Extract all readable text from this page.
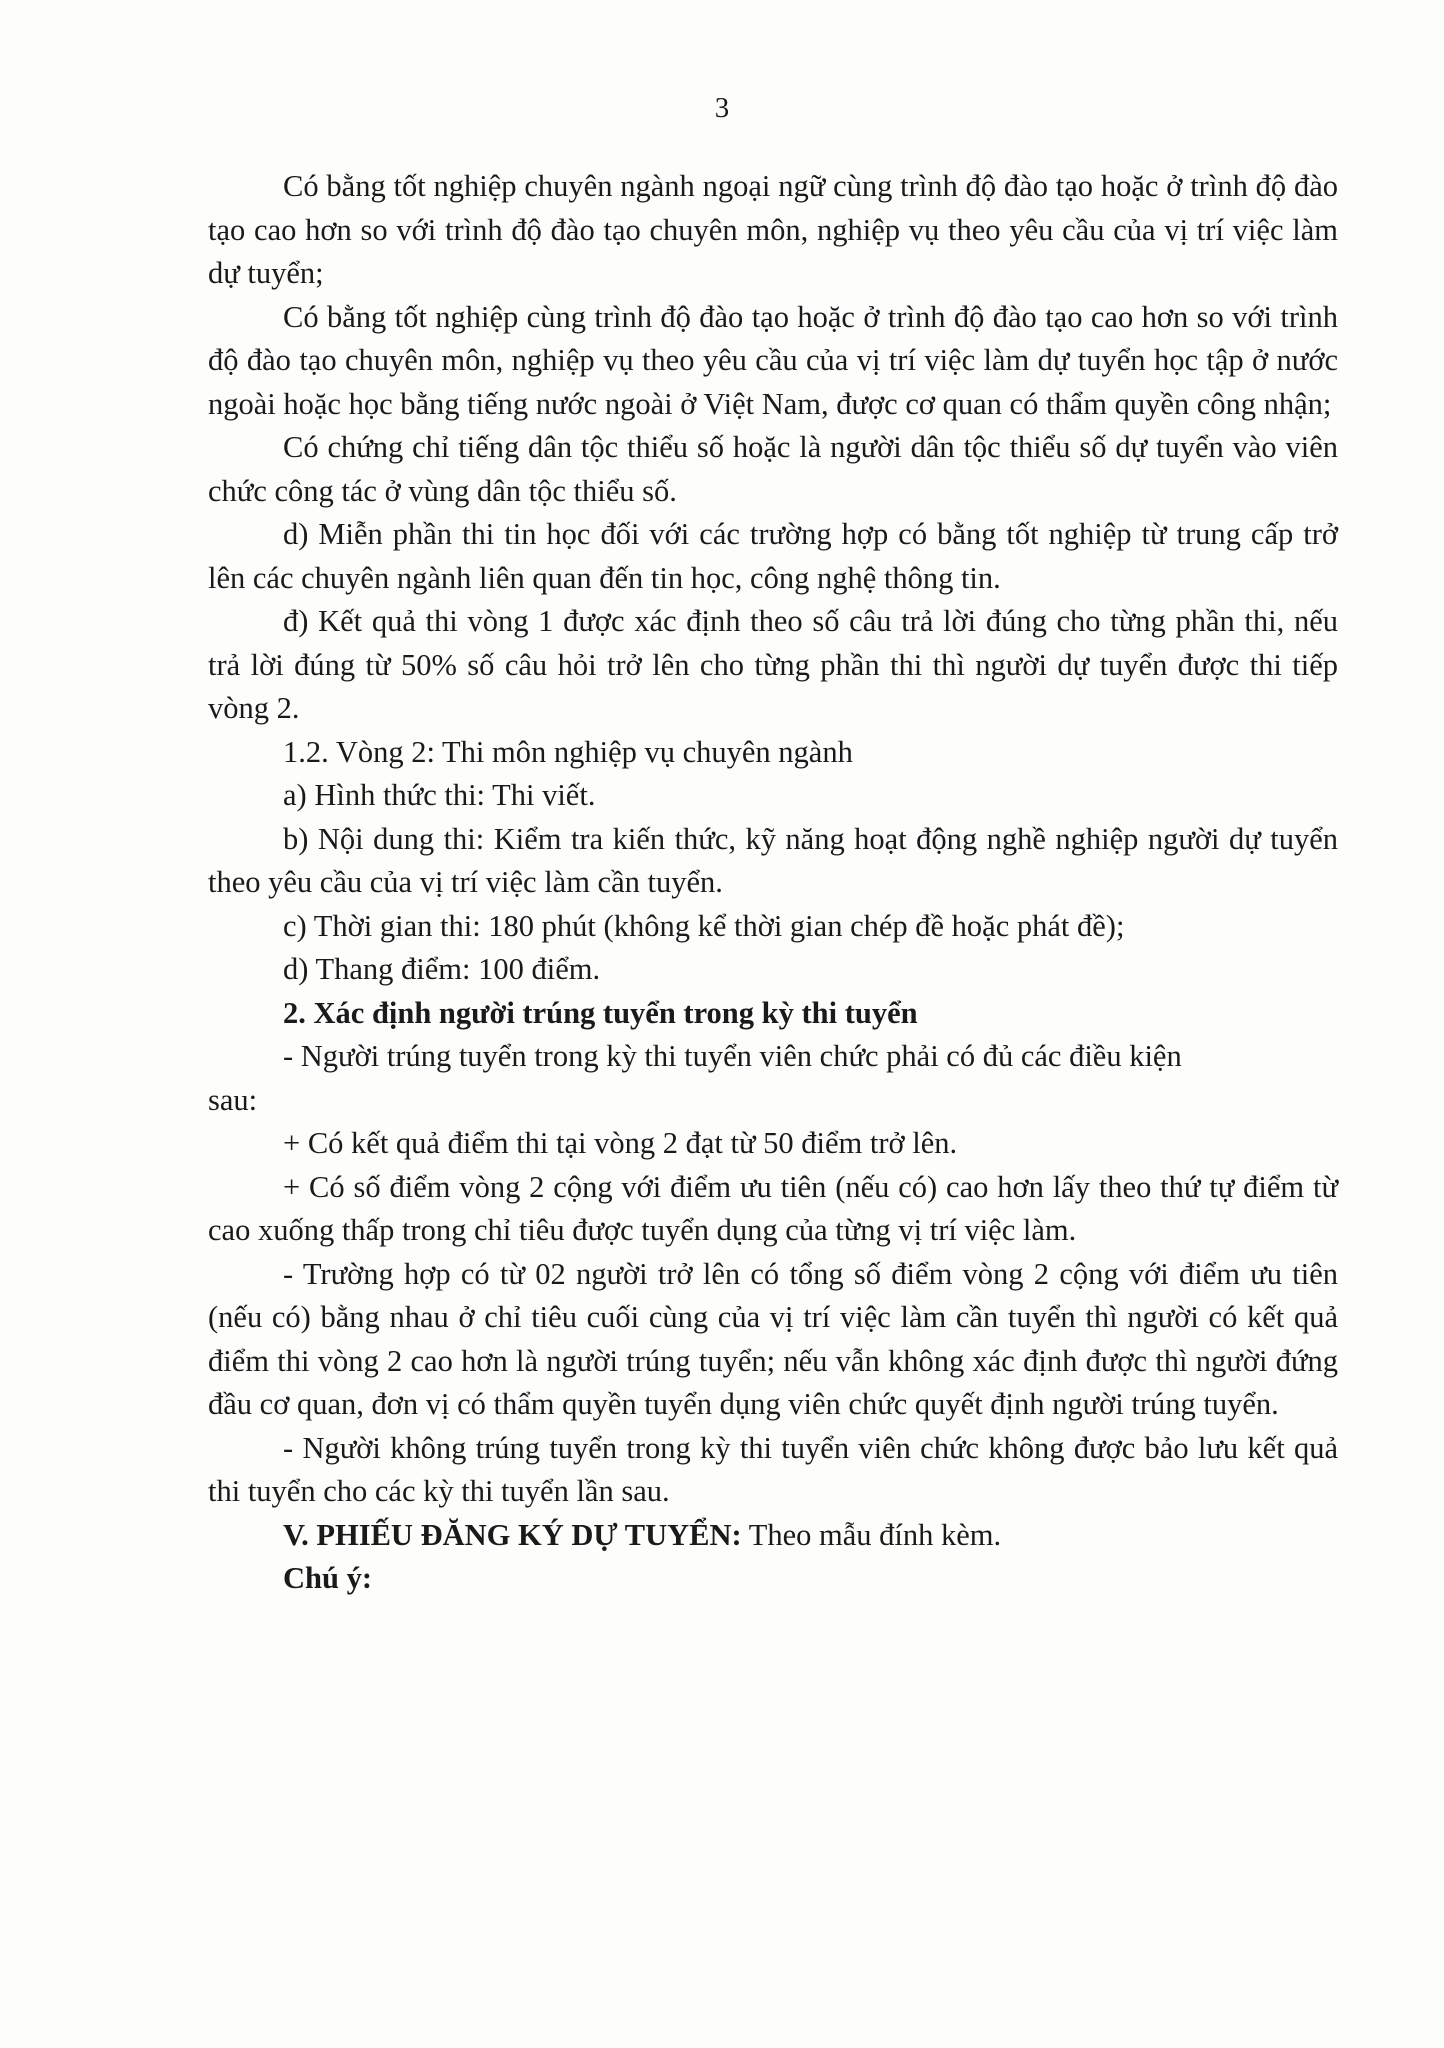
3

Có bằng tốt nghiệp chuyên ngành ngoại ngữ cùng trình độ đào tạo hoặc ở trình độ đào tạo cao hơn so với trình độ đào tạo chuyên môn, nghiệp vụ theo yêu cầu của vị trí việc làm dự tuyển;

Có bằng tốt nghiệp cùng trình độ đào tạo hoặc ở trình độ đào tạo cao hơn so với trình độ đào tạo chuyên môn, nghiệp vụ theo yêu cầu của vị trí việc làm dự tuyển học tập ở nước ngoài hoặc học bằng tiếng nước ngoài ở Việt Nam, được cơ quan có thẩm quyền công nhận;

Có chứng chỉ tiếng dân tộc thiểu số hoặc là người dân tộc thiểu số dự tuyển vào viên chức công tác ở vùng dân tộc thiểu số.

d) Miễn phần thi tin học đối với các trường hợp có bằng tốt nghiệp từ trung cấp trở lên các chuyên ngành liên quan đến tin học, công nghệ thông tin.

đ) Kết quả thi vòng 1 được xác định theo số câu trả lời đúng cho từng phần thi, nếu trả lời đúng từ 50% số câu hỏi trở lên cho từng phần thi thì người dự tuyển được thi tiếp vòng 2.

1.2. Vòng 2: Thi môn nghiệp vụ chuyên ngành

a) Hình thức thi: Thi viết.

b) Nội dung thi: Kiểm tra kiến thức, kỹ năng hoạt động nghề nghiệp người dự tuyển theo yêu cầu của vị trí việc làm cần tuyển.

c) Thời gian thi: 180 phút (không kể thời gian chép đề hoặc phát đề);

d) Thang điểm: 100 điểm.

2. Xác định người trúng tuyển trong kỳ thi tuyển

- Người trúng tuyển trong kỳ thi tuyển viên chức phải có đủ các điều kiện

sau:

+ Có kết quả điểm thi tại vòng 2 đạt từ 50 điểm trở lên.

+ Có số điểm vòng 2 cộng với điểm ưu tiên (nếu có) cao hơn lấy theo thứ tự điểm từ cao xuống thấp trong chỉ tiêu được tuyển dụng của từng vị trí việc làm.

- Trường hợp có từ 02 người trở lên có tổng số điểm vòng 2 cộng với điểm ưu tiên (nếu có) bằng nhau ở chỉ tiêu cuối cùng của vị trí việc làm cần tuyển thì người có kết quả điểm thi vòng 2 cao hơn là người trúng tuyển; nếu vẫn không xác định được thì người đứng đầu cơ quan, đơn vị có thẩm quyền tuyển dụng viên chức quyết định người trúng tuyển.

- Người không trúng tuyển trong kỳ thi tuyển viên chức không được bảo lưu kết quả thi tuyển cho các kỳ thi tuyển lần sau.

V. PHIẾU ĐĂNG KÝ DỰ TUYỂN: Theo mẫu đính kèm.

Chú ý:
